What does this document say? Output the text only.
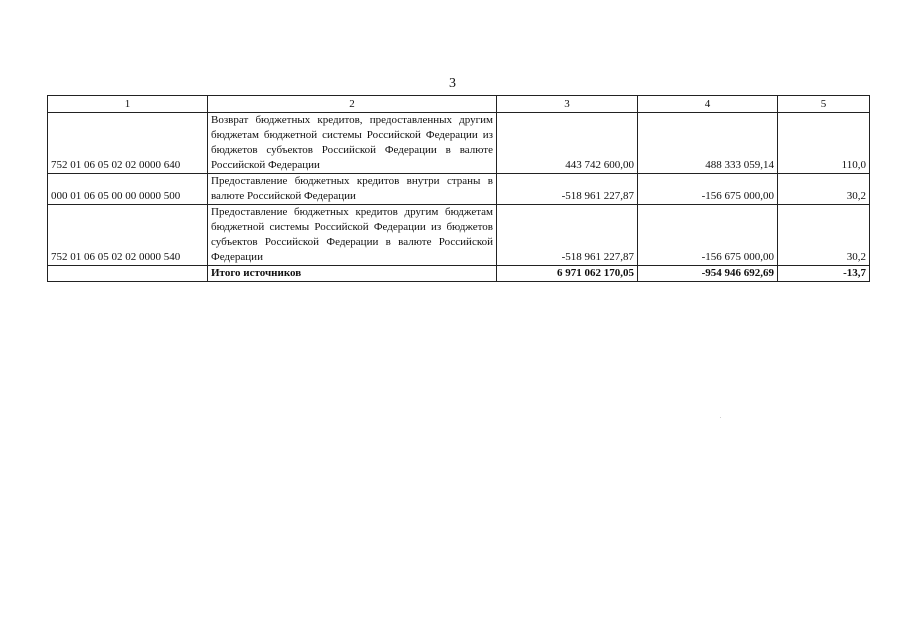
3
1	2	3	4	5
752 01 06 05 02 02 0000 640	Возврат бюджетных кредитов, предоставленных другим бюджетам бюджетной системы Российской Федерации из бюджетов субъектов Российской Федерации в валюте Российской Федерации	443 742 600,00	488 333 059,14	110,0
000 01 06 05 00 00 0000 500	Предоставление бюджетных кредитов внутри страны в валюте Российской Федерации	-518 961 227,87	-156 675 000,00	30,2
752 01 06 05 02 02 0000 540	Предоставление бюджетных кредитов другим бюджетам бюджетной системы Российской Федерации из бюджетов субъектов Российской Федерации в валюте Российской Федерации	-518 961 227,87	-156 675 000,00	30,2
	Итого источников	6 971 062 170,05	-954 946 692,69	-13,7
